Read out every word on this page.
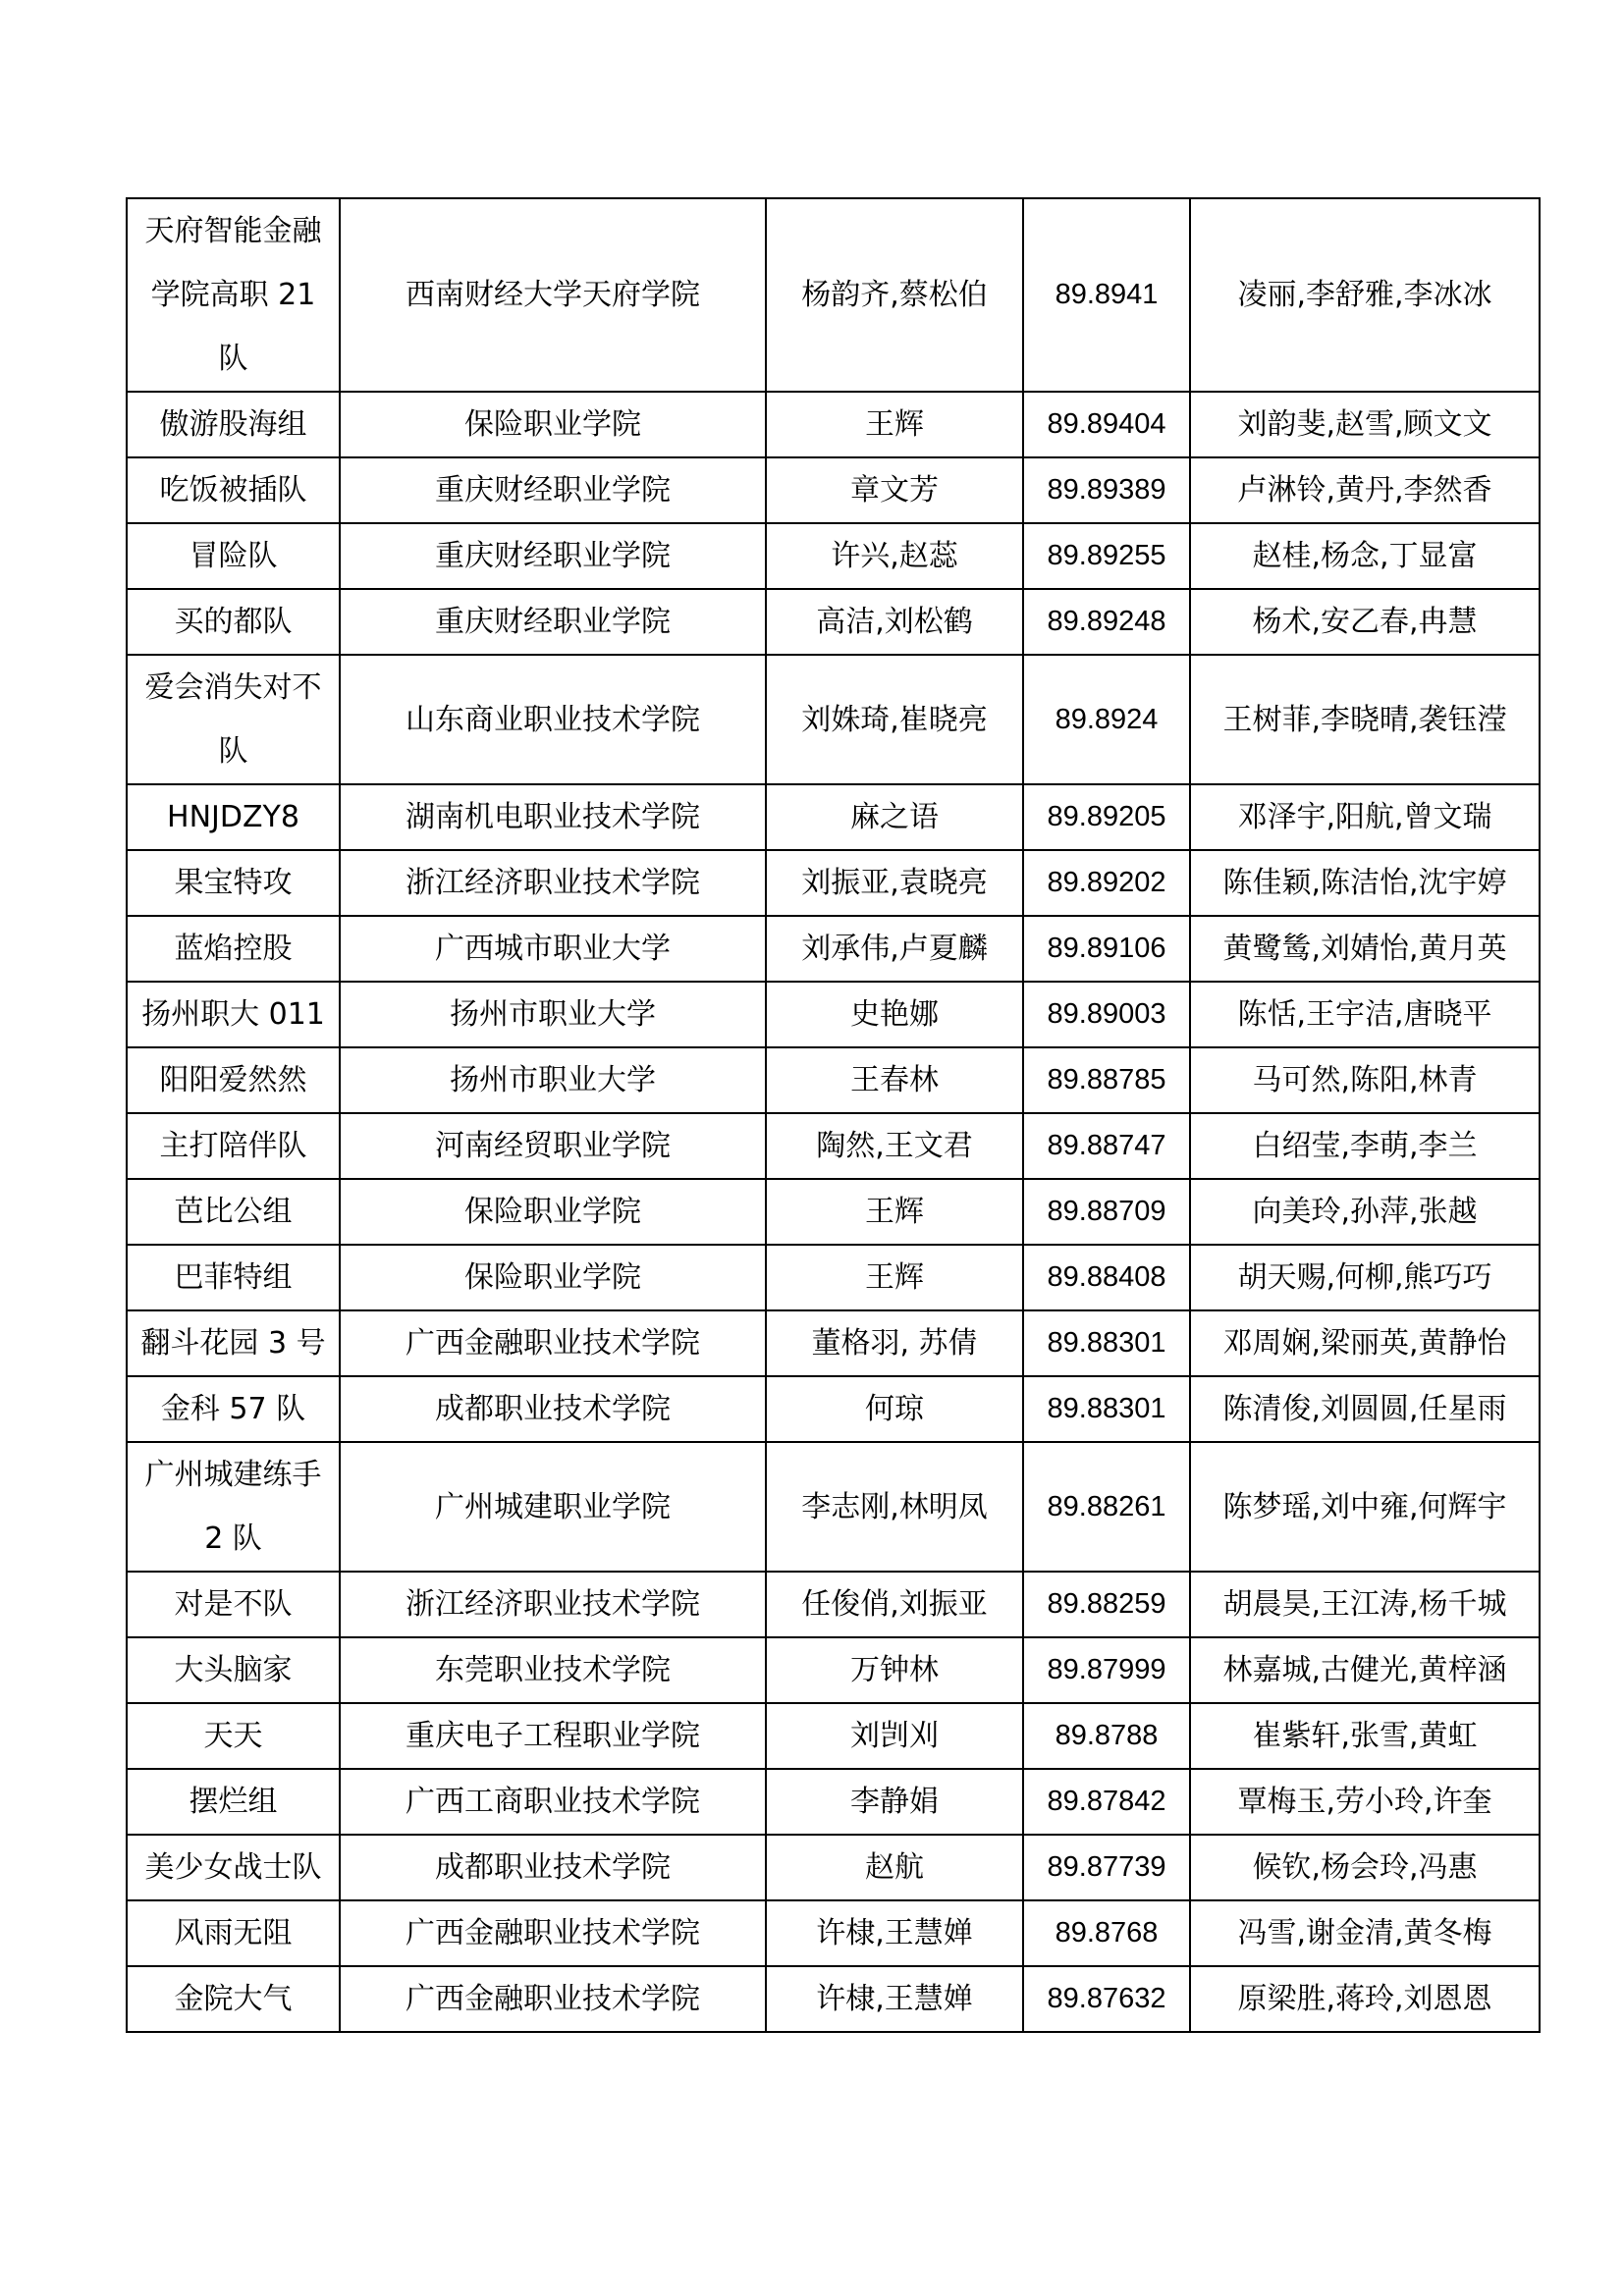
天府智能金融学院高职 21 队	西南财经大学天府学院	杨韵齐,蔡松伯	89.8941	凌丽,李舒雅,李冰冰
傲游股海组	保险职业学院	王辉	89.89404	刘韵斐,赵雪,顾文文
吃饭被插队	重庆财经职业学院	章文芳	89.89389	卢淋铃,黄丹,李然香
冒险队	重庆财经职业学院	许兴,赵蕊	89.89255	赵桂,杨念,丁显富
买的都队	重庆财经职业学院	高洁,刘松鹤	89.89248	杨术,安乙春,冉慧
爱会消失对不队	山东商业职业技术学院	刘姝琦,崔晓亮	89.8924	王树菲,李晓晴,袭钰滢
HNJDZY8	湖南机电职业技术学院	麻之语	89.89205	邓泽宇,阳航,曾文瑞
果宝特攻	浙江经济职业技术学院	刘振亚,袁晓亮	89.89202	陈佳颖,陈洁怡,沈宇婷
蓝焰控股	广西城市职业大学	刘承伟,卢夏麟	89.89106	黄鹭鸶,刘婧怡,黄月英
扬州职大 011	扬州市职业大学	史艳娜	89.89003	陈恬,王宇洁,唐晓平
阳阳爱然然	扬州市职业大学	王春林	89.88785	马可然,陈阳,林青
主打陪伴队	河南经贸职业学院	陶然,王文君	89.88747	白绍莹,李萌,李兰
芭比公组	保险职业学院	王辉	89.88709	向美玲,孙萍,张越
巴菲特组	保险职业学院	王辉	89.88408	胡天赐,何柳,熊巧巧
翻斗花园 3 号	广西金融职业技术学院	董格羽, 苏倩	89.88301	邓周娴,梁丽英,黄静怡
金科 57 队	成都职业技术学院	何琼	89.88301	陈清俊,刘圆圆,任星雨
广州城建练手 2 队	广州城建职业学院	李志刚,林明凤	89.88261	陈梦瑶,刘中雍,何辉宇
对是不队	浙江经济职业技术学院	任俊俏,刘振亚	89.88259	胡晨昊,王江涛,杨千城
大头脑家	东莞职业技术学院	万钟林	89.87999	林嘉城,古健光,黄梓涵
天天	重庆电子工程职业学院	刘剀刈	89.8788	崔紫轩,张雪,黄虹
摆烂组	广西工商职业技术学院	李静娟	89.87842	覃梅玉,劳小玲,许奎
美少女战士队	成都职业技术学院	赵航	89.87739	候钦,杨会玲,冯惠
风雨无阻	广西金融职业技术学院	许棣,王慧婵	89.8768	冯雪,谢金清,黄冬梅
金院大气	广西金融职业技术学院	许棣,王慧婵	89.87632	原梁胜,蒋玲,刘恩恩
